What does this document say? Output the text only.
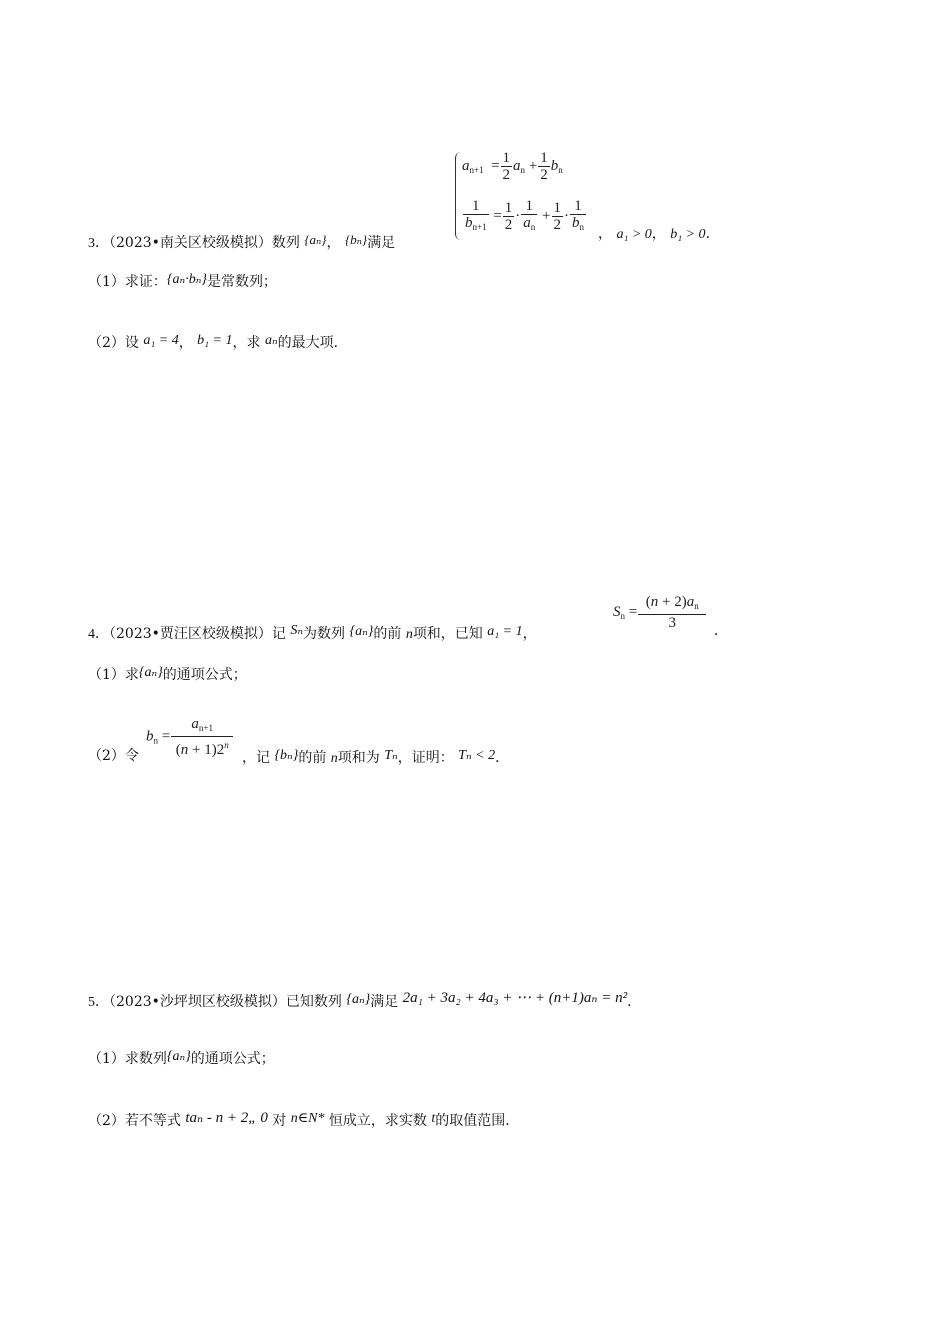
$a_{n+1} = \frac{1}{2} a_n + \frac{1}{2} b_n$
$\frac{1}{b_{n+1}} = \frac{1}{2} \cdot \frac{1}{a_n} + \frac{1}{2} \cdot \frac{1}{b_n}$
3．（2023•南关区校级模拟）数列 {aₙ}， {bₙ}满足
， a₁ > 0， b₁ > 0．
（1）求证：{aₙ·bₙ}是常数列；
（2）设 a₁ = 4， b₁ = 1，求 aₙ的最大项．
$S_n = \frac{(n + 2)a_n}{3}$
4．（2023•贾汪区校级模拟）记 Sₙ为数列 {aₙ}的前 n项和，已知 a₁ = 1，	．
（1）求{aₙ}的通项公式；
$b_n = \frac{a_{n+1}}{(n + 1)2^n}$
（2）令	，记 {bₙ}的前 n项和为 Tₙ，证明： Tₙ < 2．
5．（2023•沙坪坝区校级模拟）已知数列 {aₙ}满足 2a₁ + 3a₂ + 4a₃ + ⋯ + (n+1)aₙ = n²．
（1）求数列{aₙ}的通项公式；
（2）若不等式 taₙ - n + 2„ 0 对 n∈N* 恒成立，求实数 t的取值范围．
